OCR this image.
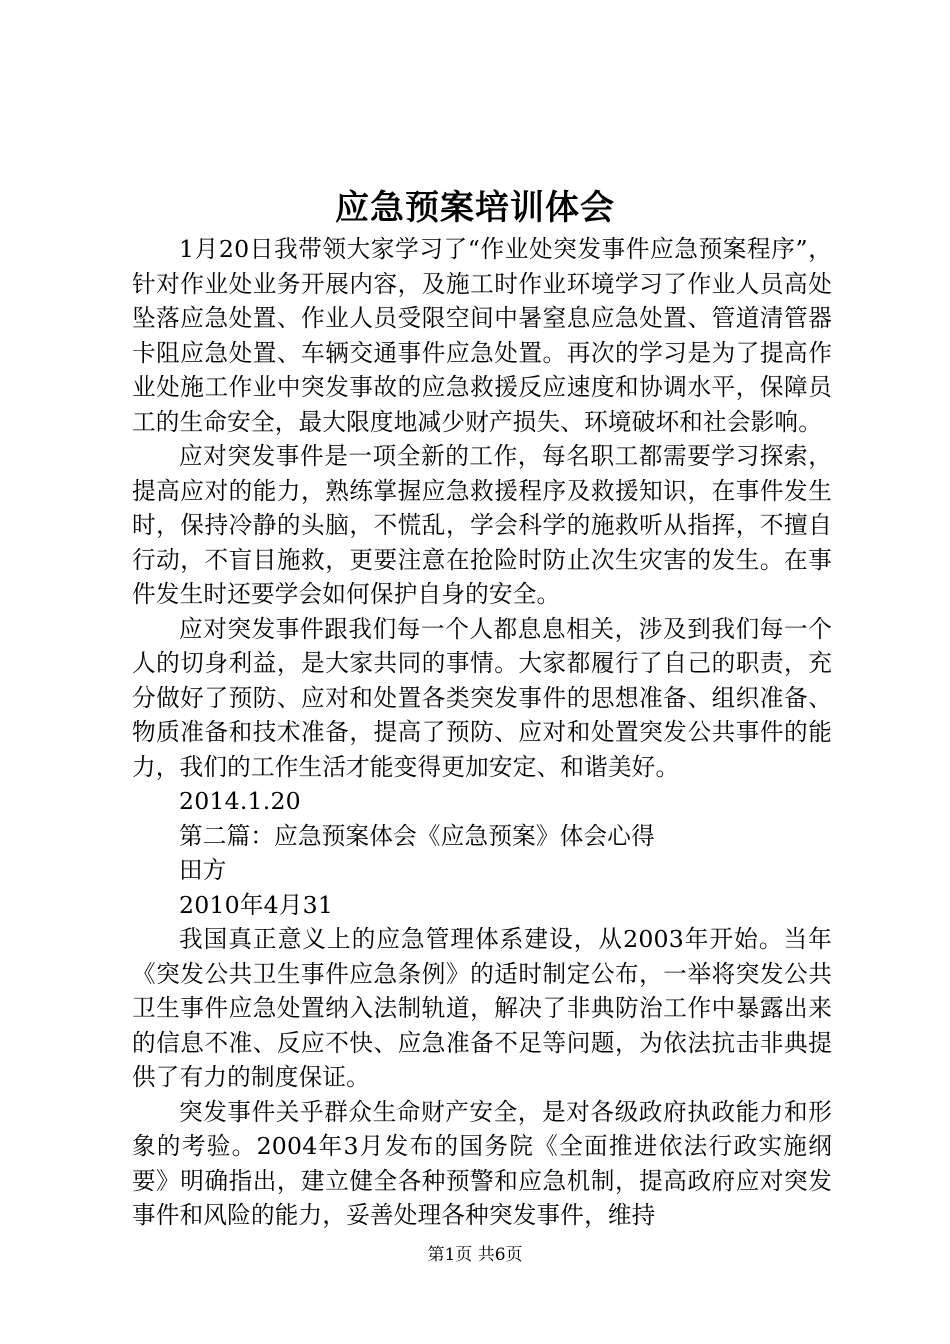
应急预案培训体会

1月20日我带领大家学习了“作业处突发事件应急预案程序”，针对作业处业务开展内容，及施工时作业环境学习了作业人员高处坠落应急处置、作业人员受限空间中暑窒息应急处置、管道清管器卡阻应急处置、车辆交通事件应急处置。再次的学习是为了提高作业处施工作业中突发事故的应急救援反应速度和协调水平，保障员工的生命安全，最大限度地减少财产损失、环境破坏和社会影响。

应对突发事件是一项全新的工作，每名职工都需要学习探索，提高应对的能力，熟练掌握应急救援程序及救援知识，在事件发生时，保持冷静的头脑，不慌乱，学会科学的施救听从指挥，不擅自行动，不盲目施救，更要注意在抢险时防止次生灾害的发生。在事件发生时还要学会如何保护自身的安全。

应对突发事件跟我们每一个人都息息相关，涉及到我们每一个人的切身利益，是大家共同的事情。大家都履行了自己的职责，充分做好了预防、应对和处置各类突发事件的思想准备、组织准备、物质准备和技术准备，提高了预防、应对和处置突发公共事件的能力，我们的工作生活才能变得更加安定、和谐美好。

2014.1.20

第二篇：应急预案体会《应急预案》体会心得

田方

2010年4月31

我国真正意义上的应急管理体系建设，从2003年开始。当年《突发公共卫生事件应急条例》的适时制定公布，一举将突发公共卫生事件应急处置纳入法制轨道，解决了非典防治工作中暴露出来的信息不准、反应不快、应急准备不足等问题，为依法抗击非典提供了有力的制度保证。

突发事件关乎群众生命财产安全，是对各级政府执政能力和形象的考验。2004年3月发布的国务院《全面推进依法行政实施纲要》明确指出，建立健全各种预警和应急机制，提高政府应对突发事件和风险的能力，妥善处理各种突发事件，维持

第1页 共6页
